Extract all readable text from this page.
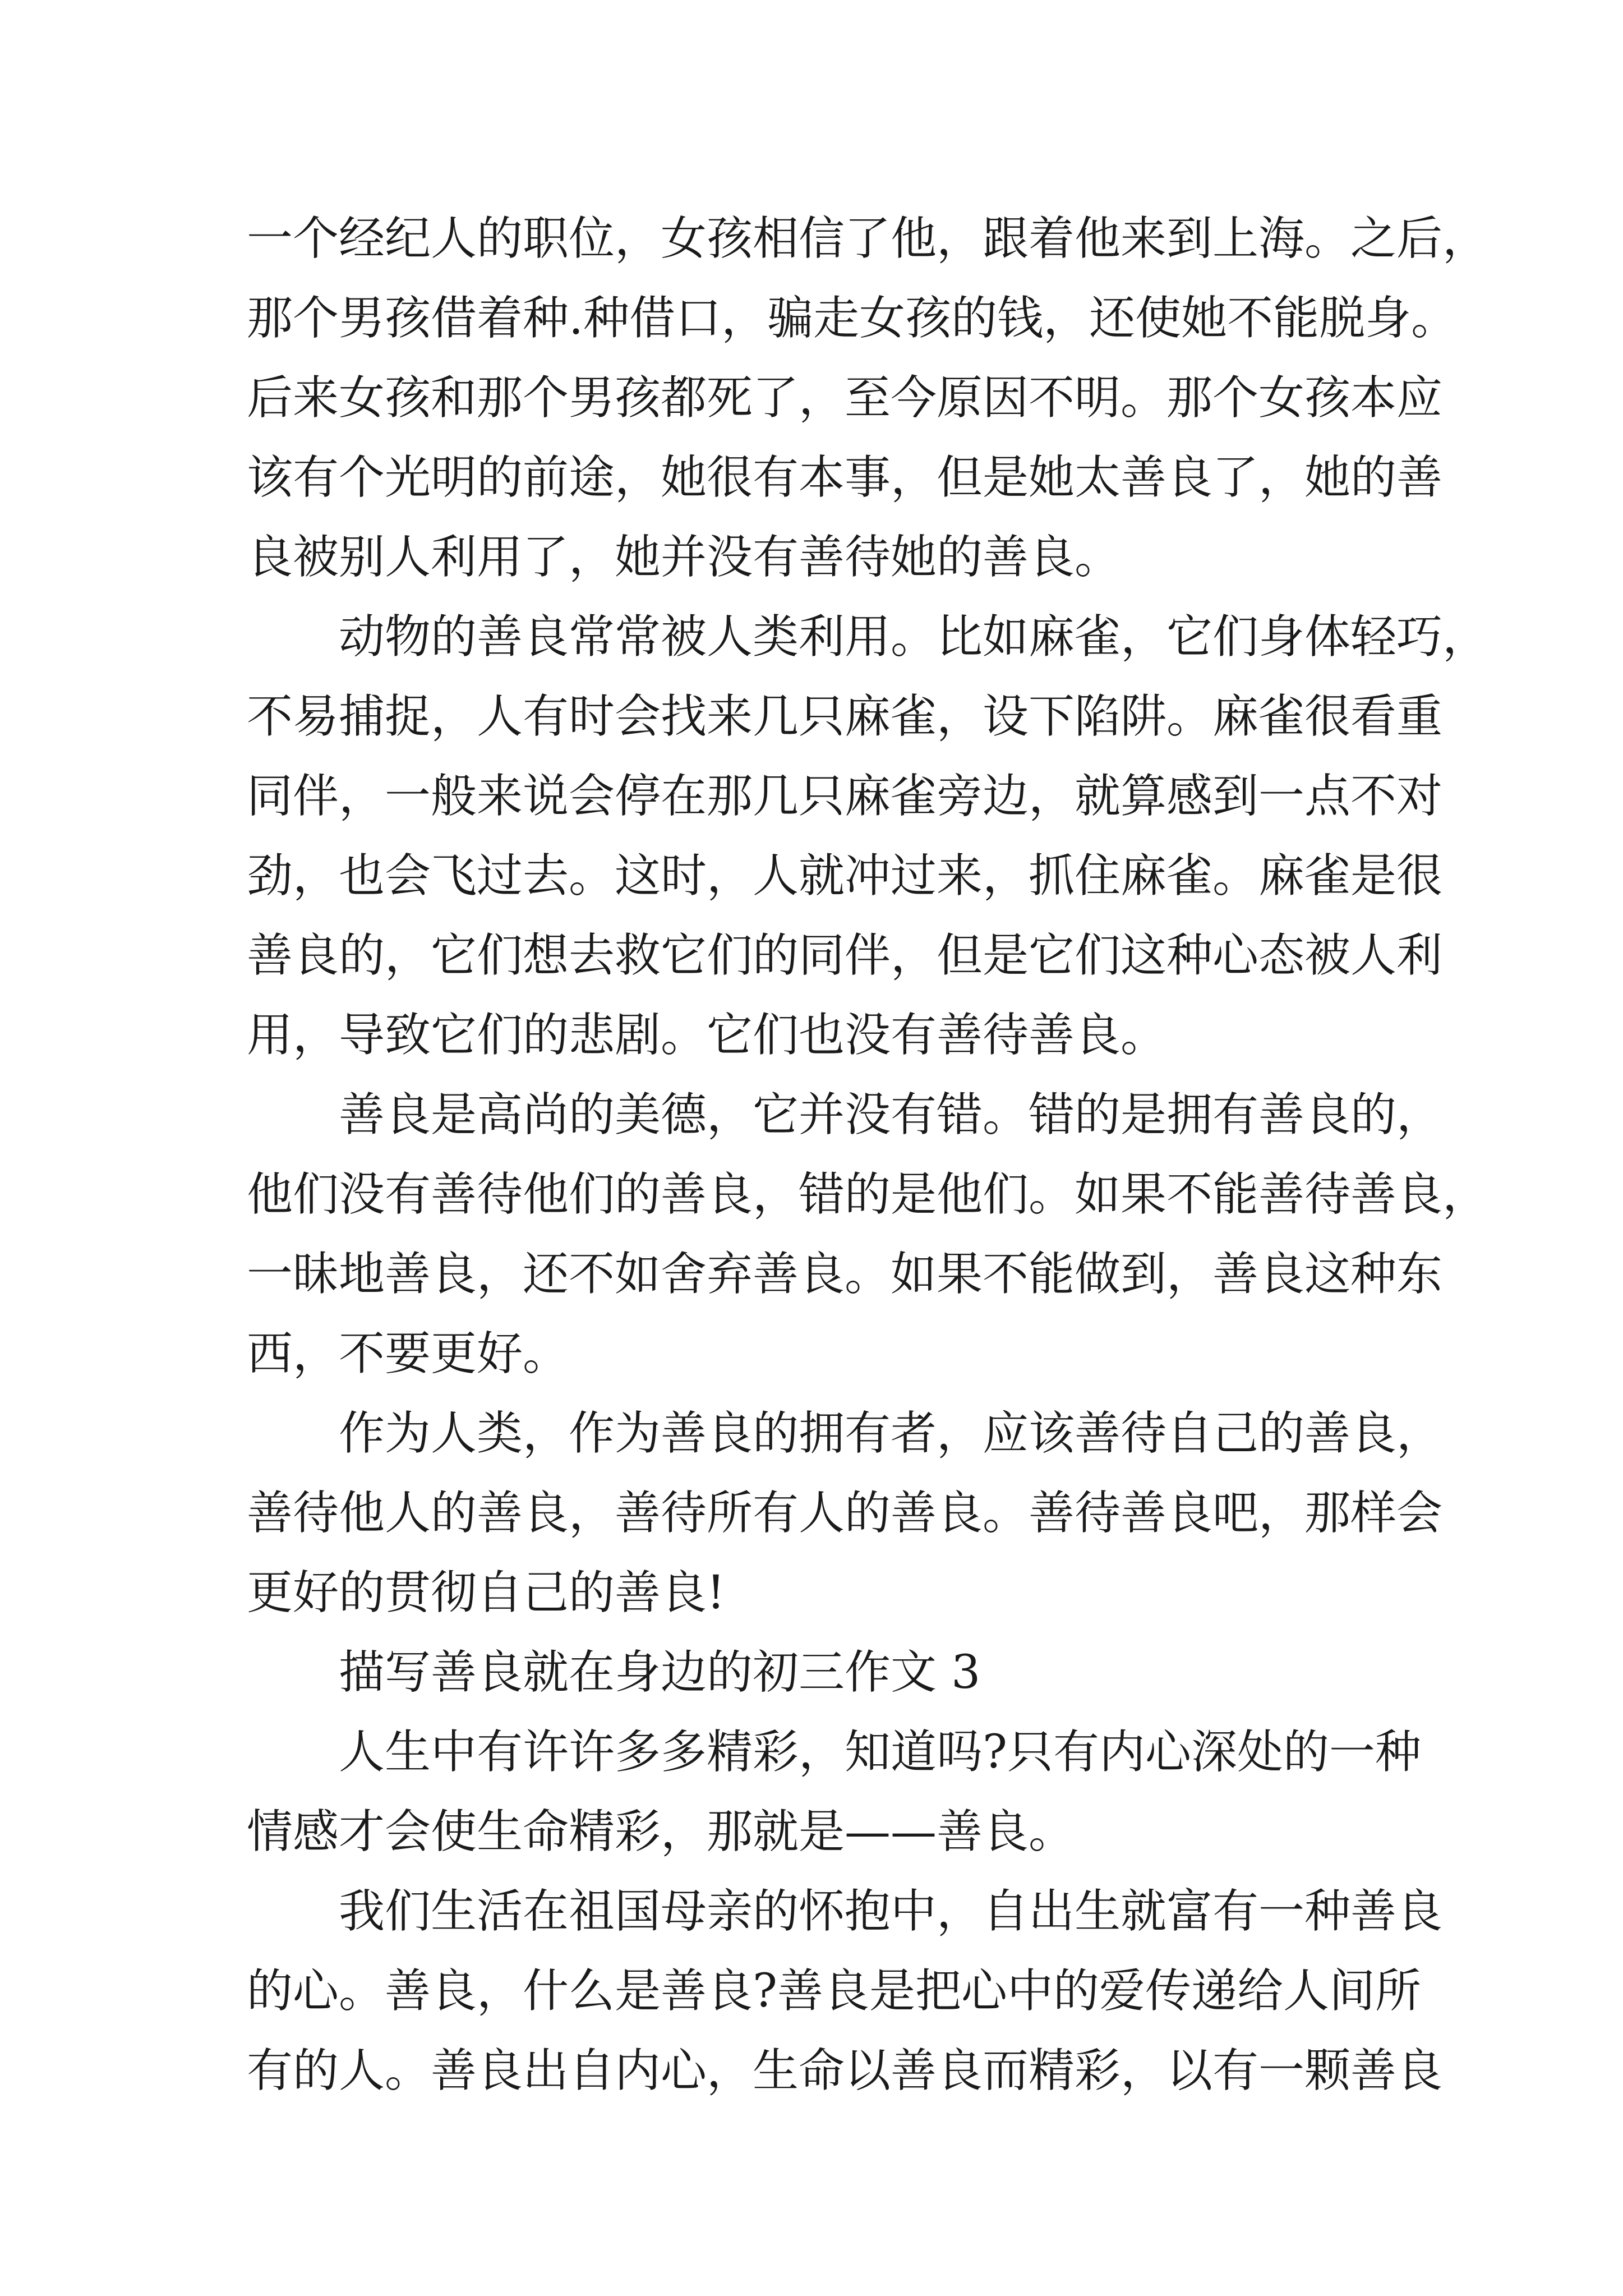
一个经纪人的职位，女孩相信了他，跟着他来到上海。之后，
那个男孩借着种.种借口，骗走女孩的钱，还使她不能脱身。
后来女孩和那个男孩都死了，至今原因不明。那个女孩本应
该有个光明的前途，她很有本事，但是她太善良了，她的善
良被别人利用了，她并没有善待她的善良。
动物的善良常常被人类利用。比如麻雀，它们身体轻巧，
不易捕捉，人有时会找来几只麻雀，设下陷阱。麻雀很看重
同伴，一般来说会停在那几只麻雀旁边，就算感到一点不对
劲，也会飞过去。这时，人就冲过来，抓住麻雀。麻雀是很
善良的，它们想去救它们的同伴，但是它们这种心态被人利
用，导致它们的悲剧。它们也没有善待善良。
善良是高尚的美德，它并没有错。错的是拥有善良的，
他们没有善待他们的善良，错的是他们。如果不能善待善良，
一昧地善良，还不如舍弃善良。如果不能做到，善良这种东
西，不要更好。
作为人类，作为善良的拥有者，应该善待自己的善良，
善待他人的善良，善待所有人的善良。善待善良吧，那样会
更好的贯彻自己的善良!
描写善良就在身边的初三作文 3
人生中有许许多多精彩，知道吗?只有内心深处的一种
情感才会使生命精彩，那就是——善良。
我们生活在祖国母亲的怀抱中，自出生就富有一种善良
的心。善良，什么是善良?善良是把心中的爱传递给人间所
有的人。善良出自内心，生命以善良而精彩，以有一颗善良
